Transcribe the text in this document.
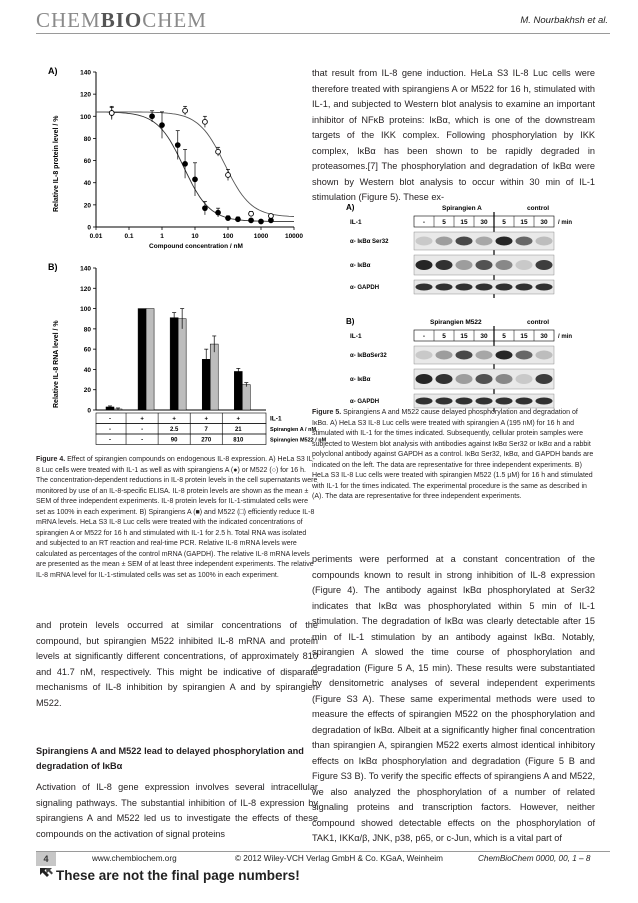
CHEMBIOCHEM	M. Nourbakhsh et al.
A)
Relative IL-8 protein level / %
0
20
40
60
80
100
120
140
0.01	0.1	1	10	100	1000	10000
Compound concentration / nM
B)
Relative IL-8 RNA level / %
0
20
40
60
80
100
120
140
-	+	+	+	+	IL-1
-	-	2.5	7	21	Spirangien A / nM
-	-	90	270	810	Spirangien M522 / nM
Figure 4. Effect of spirangien compounds on endogenous IL-8 expression. A) HeLa S3 IL-8 Luc cells were treated with IL-1 as well as with spirangiens A (●) or M522 (○) for 16 h. The concentration-dependent reductions in IL-8 protein levels in the cell supernatants were monitored by use of an IL-8-specific ELISA. IL-8 protein levels are shown as the mean ± SEM of three independent experiments. IL-8 protein levels for IL-1-stimulated cells were set as 100% in each experiment. B) Spirangiens A (■) and M522 (□) efficiently reduce IL-8 mRNA levels. HeLa S3 IL-8 Luc cells were treated with the indicated concentrations of spirangien A or M522 for 16 h and stimulated with IL-1 for 2.5 h. Total RNA was isolated and subjected to an RT reaction and real-time PCR. Relative IL-8 mRNA levels were calculated as percentages of the control mRNA (GAPDH). The relative IL-8 mRNA levels are presented as the mean ± SEM of at least three independent experiments. The relative IL-8 mRNA level for IL-1-stimulated cells was set as 100% in each experiment.
that result from IL-8 gene induction. HeLa S3 IL-8 Luc cells were therefore treated with spirangiens A or M522 for 16 h, stimulated with IL-1, and subjected to Western blot analysis to examine an important inhibitor of NFκB proteins: IκBα, which is one of the downstream targets of the IKK complex. Following phosphorylation by IKK complex, IκBα has been shown to be rapidly degraded in proteasomes.[7] The phosphorylation and degradation of IκBα were shown by Western blot analysis to occur within 30 min of IL-1 stimulation (Figure 5). These ex-
A)	Spirangien A	control
IL-1	-	5 15 30 5 15 30 / min
α- IκBα Ser32
α- IκBα
α- GAPDH
B)	Spirangien M522	control
IL-1	-	5 15 30 5 15 30 / min
α- IκBαSer32
α- IκBα
α- GAPDH
Figure 5. Spirangiens A and M522 cause delayed phosphorylation and degradation of IκBα. A) HeLa S3 IL-8 Luc cells were treated with spirangien A (195 nM) for 16 h and stimulated with IL-1 for the times indicated. Subsequently, cellular protein samples were subjected to Western blot analysis with antibodies against IκBα Ser32 or IκBα and a rabbit polyclonal antibody against GAPDH as a control. IκBα Ser32, IκBα, and GAPDH bands are indicated on the left. The data are representative for three independent experiments. B) HeLa S3 IL-8 Luc cells were treated with spirangien M522 (1.5 μM) for 16 h and stimulated with IL-1 for the times indicated. The experimental procedure is the same as described in (A). The data are representative for three independent experiments.
periments were performed at a constant concentration of the compounds known to result in strong inhibition of IL-8 expression (Figure 4). The antibody against IκBα phosphorylated at Ser32 indicates that IκBα was phosphorylated within 5 min of IL-1 stimulation. The degradation of IκBα was clearly detectable after 15 min of IL-1 stimulation by an antibody against IκBα. Notably, spirangien A slowed the time course of phosphorylation and degradation (Figure 5 A, 15 min). These results were substantiated by densitometric analyses of several independent experiments (Figure S3 A). These same experimental methods were used to measure the effects of spirangien M522 on the phosphorylation and degradation of IκBα. Albeit at a significantly higher final concentration than spirangien A, spirangien M522 exerts almost identical inhibitory effects on IκBα phosphorylation and degradation (Figure 5 B and Figure S3 B). To verify the specific effects of spirangiens A and M522, we also analyzed the phosphorylation of a number of related signaling proteins and transcription factors. However, neither compound showed detectable effects on the phosphorylation of TAK1, IKKα/β, JNK, p38, p65, or c-Jun, which is a vital part of
and protein levels occurred at similar concentrations of the compound, but spirangien M522 inhibited IL-8 mRNA and protein levels at significantly different concentrations, of approximately 810 and 41.7 nM, respectively. This might be indicative of disparate mechanisms of IL-8 inhibition by spirangien A and by spirangien M522.
Spirangiens A and M522 lead to delayed phosphorylation and degradation of IκBα
Activation of IL-8 gene expression involves several intracellular signaling pathways. The substantial inhibition of IL-8 expression by spirangiens A and M522 led us to investigate the effects of these compounds on the activation of signal proteins
4	www.chembiochem.org	© 2012 Wiley-VCH Verlag GmbH & Co. KGaA, Weinheim	ChemBioChem 0000, 00, 1 – 8
These are not the final page numbers!
